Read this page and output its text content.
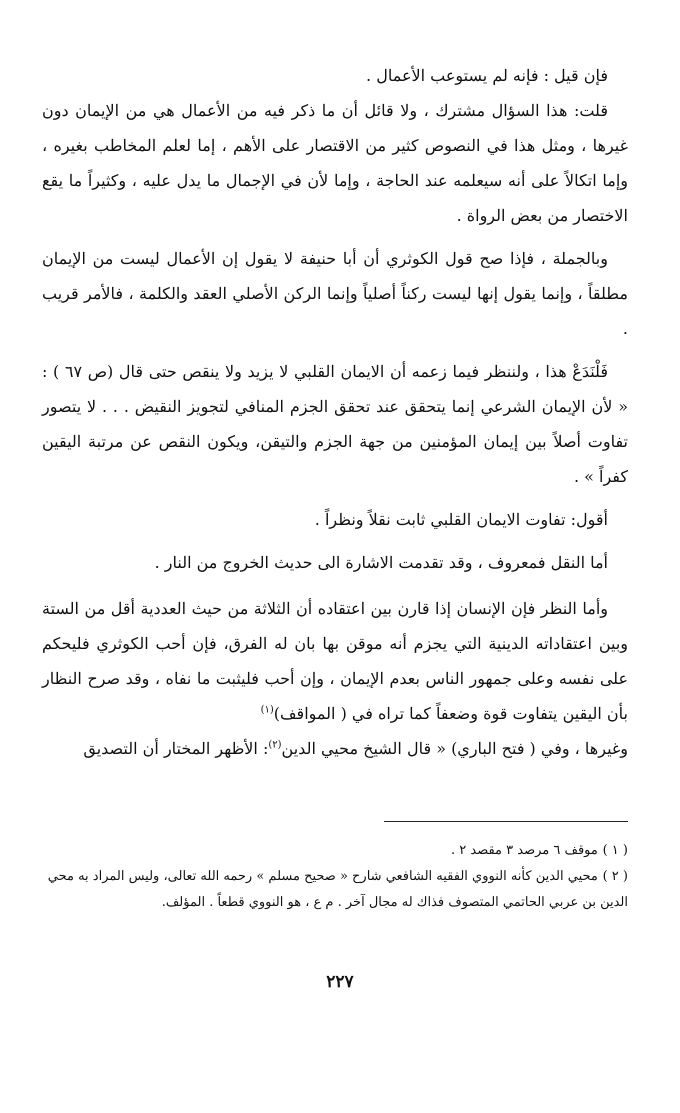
فإن قيل : فإنه لم يستوعب الأعمال .

قلت: هذا السؤال مشترك ، ولا قائل أن ما ذكر فيه من الأعمال هي من الإيمان دون غيرها ، ومثل هذا في النصوص كثير من الاقتصار على الأهم ، إما لعلم المخاطب بغيره ، وإما اتكالاً على أنه سيعلمه عند الحاجة ، وإما لأن في الإجمال ما يدل عليه ، وكثيراً ما يقع الاختصار من بعض الرواة .

وبالجملة ، فإذا صح قول الكوثري أن أبا حنيفة لا يقول إن الأعمال ليست من الإيمان مطلقاً ، وإنما يقول إنها ليست ركناً أصلياً وإنما الركن الأصلي العقد والكلمة ، فالأمر قريب .

فَلْنَدَعْ هذا ، ولننظر فيما زعمه أن الايمان القلبي لا يزيد ولا ينقص حتى قال (ص ٦٧ ) : « لأن الإيمان الشرعي إنما يتحقق عند تحقق الجزم المنافي لتجويز النقيض . . . لا يتصور تفاوت أصلاً بين إيمان المؤمنين من جهة الجزم والتيقن، ويكون النقص عن مرتبة اليقين كفراً » .

أقول: تفاوت الايمان القلبي ثابت نقلاً ونظراً .

أما النقل فمعروف ، وقد تقدمت الاشارة الى حديث الخروج من النار .

وأما النظر فإن الإنسان إذا قارن بين اعتقاده أن الثلاثة من حيث العددية أقل من الستة وبين اعتقاداته الدينية التي يجزم أنه موقن بها بان له الفرق، فإن أحب الكوثري فليحكم على نفسه وعلى جمهور الناس بعدم الإيمان ، وإن أحب فليثبت ما نفاه ، وقد صرح النظار بأن اليقين يتفاوت قوة وضعفاً كما تراه في ( المواقف)$^{(١)}$

وغيرها ، وفي ( فتح الباري) « قال الشيخ محيي الدين$^{(٢)}$: الأظهر المختار أن التصديق

( ١ ) موقف ٦ مرصد ٣ مقصد ٢ .

( ٢ ) محيي الدين كأنه النووي الفقيه الشافعي شارح « صحيح مسلم » رحمه الله تعالى، وليس المراد به محي الدين بن عربي الحاتمي المتصوف فذاك له مجال آخر . م ع ، هو النووي قطعاً . المؤلف.

٢٢٧
